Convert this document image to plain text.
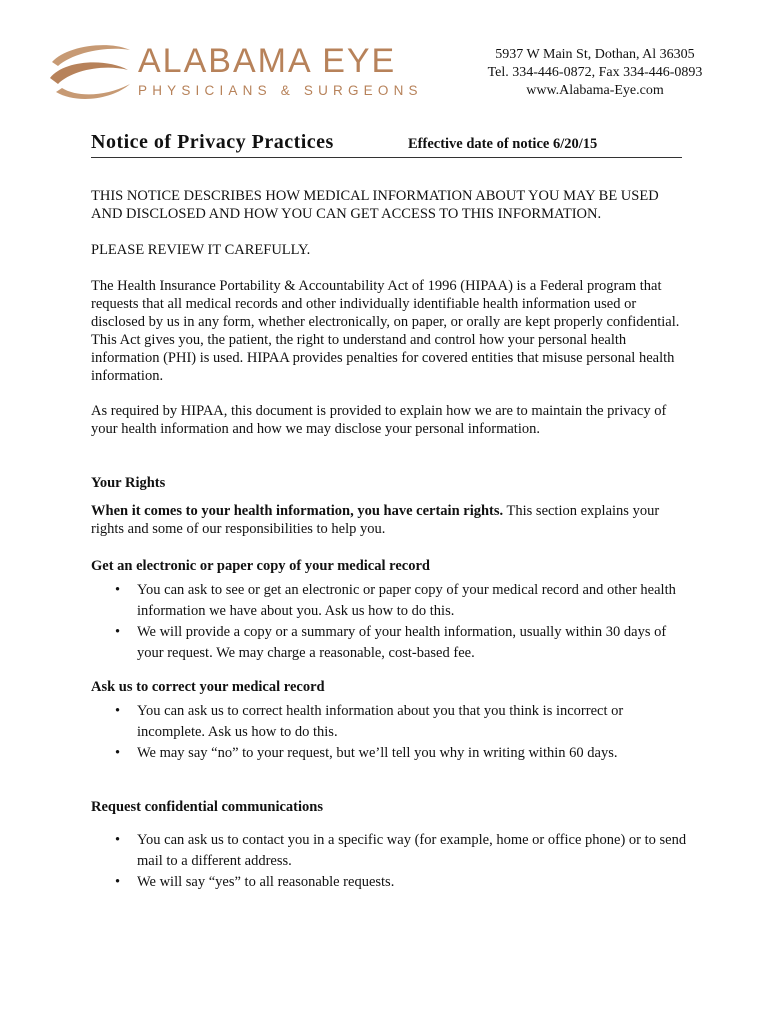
ALABAMA EYE
PHYSICIANS & SURGEONS
5937 W Main St, Dothan, Al 36305
Tel. 334-446-0872, Fax 334-446-0893
www.Alabama-Eye.com
Notice of Privacy Practices	Effective date of notice 6/20/15

THIS NOTICE DESCRIBES HOW MEDICAL INFORMATION ABOUT YOU MAY BE USED AND DISCLOSED AND HOW YOU CAN GET ACCESS TO THIS INFORMATION.

PLEASE REVIEW IT CAREFULLY.

The Health Insurance Portability & Accountability Act of 1996 (HIPAA) is a Federal program that requests that all medical records and other individually identifiable health information used or disclosed by us in any form, whether electronically, on paper, or orally are kept properly confidential. This Act gives you, the patient, the right to understand and control how your personal health information (PHI) is used. HIPAA provides penalties for covered entities that misuse personal health information.

As required by HIPAA, this document is provided to explain how we are to maintain the privacy of your health information and how we may disclose your personal information.

Your Rights

When it comes to your health information, you have certain rights. This section explains your rights and some of our responsibilities to help you.

Get an electronic or paper copy of your medical record
• You can ask to see or get an electronic or paper copy of your medical record and other health information we have about you. Ask us how to do this.
• We will provide a copy or a summary of your health information, usually within 30 days of your request. We may charge a reasonable, cost-based fee.
Ask us to correct your medical record
• You can ask us to correct health information about you that you think is incorrect or incomplete. Ask us how to do this.
• We may say “no” to your request, but we’ll tell you why in writing within 60 days.
Request confidential communications
• You can ask us to contact you in a specific way (for example, home or office phone) or to send mail to a different address.
• We will say “yes” to all reasonable requests.
